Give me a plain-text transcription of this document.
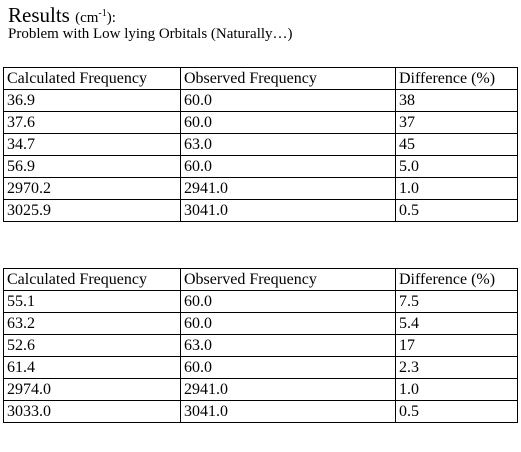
Results $(cm^{-1})$:
Problem with Low lying Orbitals (Naturally…)
Calculated Frequency	Observed Frequency	Difference (%)
36.9	60.0	38
37.6	60.0	37
34.7	63.0	45
56.9	60.0	5.0
2970.2	2941.0	1.0
3025.9	3041.0	0.5
Calculated Frequency	Observed Frequency	Difference (%)
55.1	60.0	7.5
63.2	60.0	5.4
52.6	63.0	17
61.4	60.0	2.3
2974.0	2941.0	1.0
3033.0	3041.0	0.5
